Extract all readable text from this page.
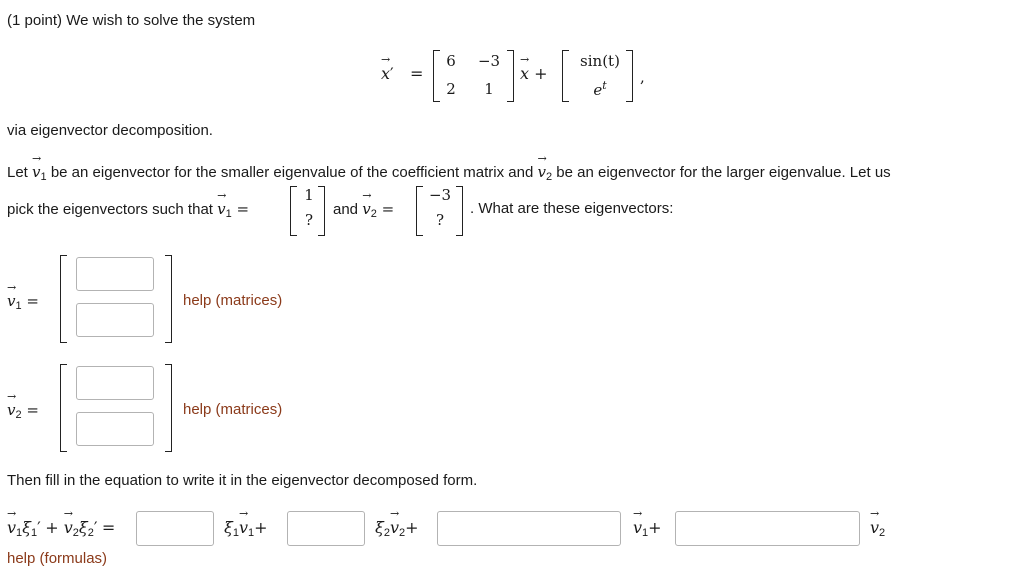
(1 point) We wish to solve the system
→ x′ =
6	−3
2	1
→ x +
sin(t)
$e^t$	,
via eigenvector decomposition.
Let → $v_1$ be an eigenvector for the smaller eigenvalue of the coefficient matrix and → $v_2$ be an eigenvector for the larger eigenvalue. Let us
pick the eigenvectors such that → $v_1$ =
1
?
and → $v_2$ =
−3
?
. What are these eigenvectors:
→ $v_1$ =	help (matrices)
→ $v_2$ =	help (matrices)
Then fill in the equation to write it in the eigenvector decomposed form.
→ $v_1\xi_1'$ + → $v_2\xi_2'$ =	$\xi_1\to v_1+$	$\xi_2\to v_2+$	→ $v_1+$	→ $v_2$
help (formulas)
